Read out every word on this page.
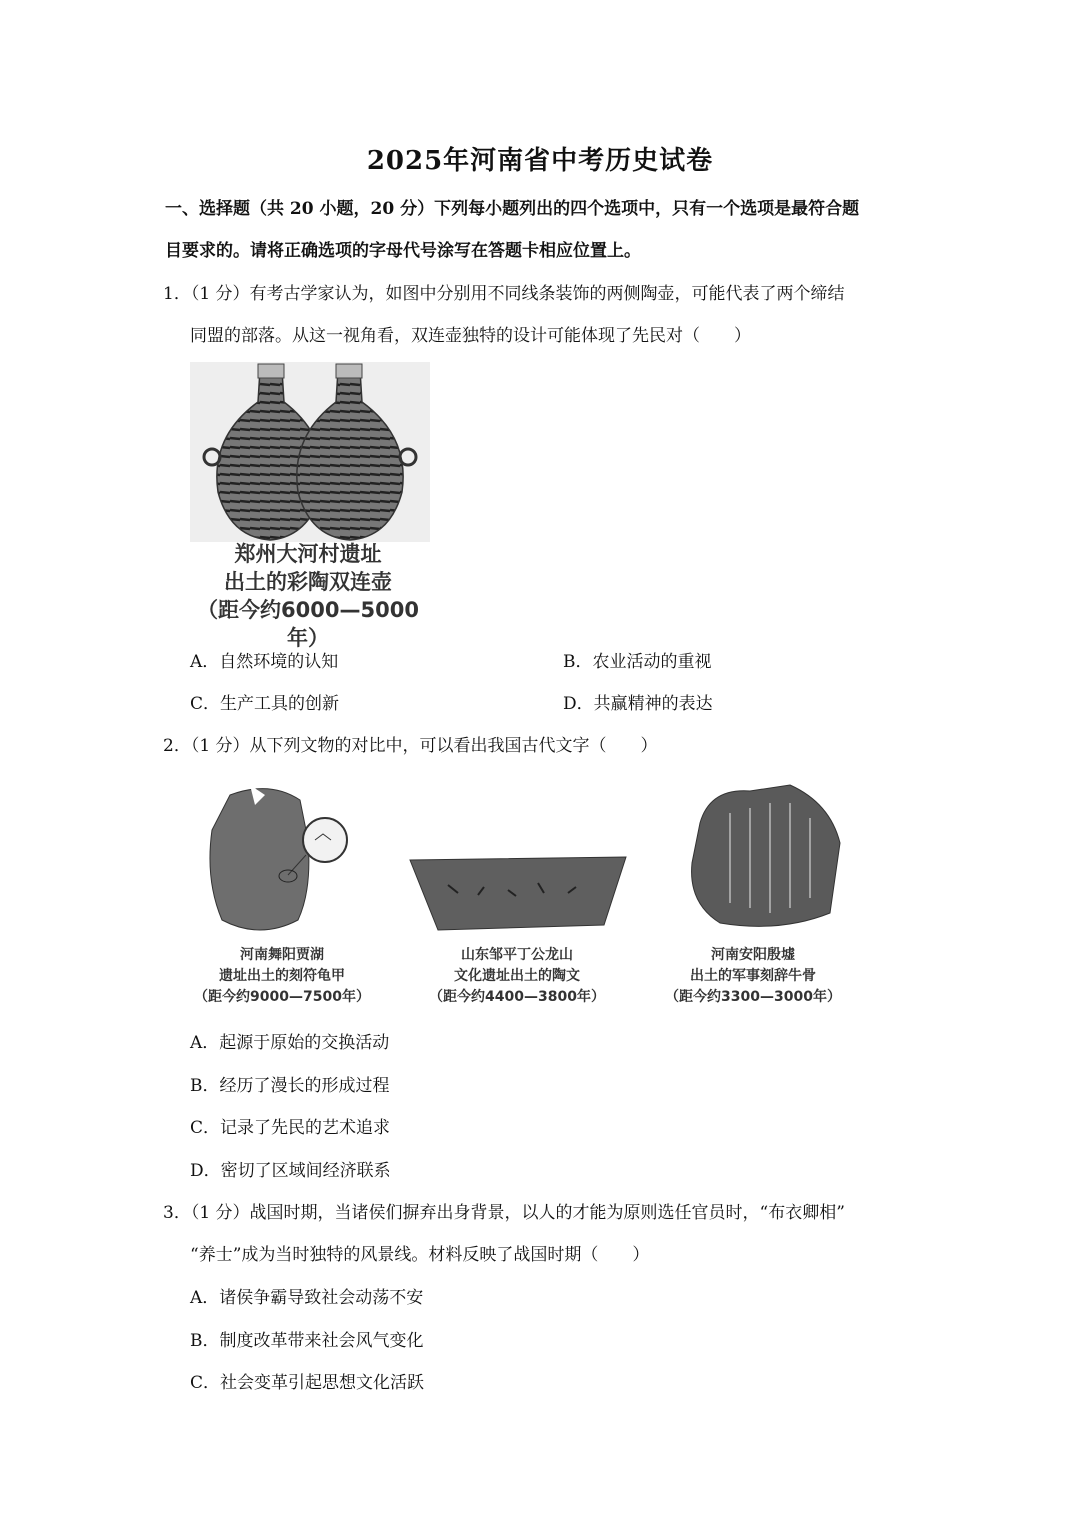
2025年河南省中考历史试卷
一、选择题（共 20 小题，20 分）下列每小题列出的四个选项中，只有一个选项是最符合题
目要求的。请将正确选项的字母代号涂写在答题卡相应位置上。
1．（1 分）有考古学家认为，如图中分别用不同线条装饰的两侧陶壶，可能代表了两个缔结
同盟的部落。从这一视角看，双连壶独特的设计可能体现了先民对（　　）
郑州大河村遗址
出土的彩陶双连壶
（距今约6000—5000年）
A．自然环境的认知	B．农业活动的重视
C．生产工具的创新	D．共赢精神的表达
2．（1 分）从下列文物的对比中，可以看出我国古代文字（　　）
河南舞阳贾湖
遗址出土的刻符龟甲
（距今约9000—7500年）
山东邹平丁公龙山
文化遗址出土的陶文
（距今约4400—3800年）
河南安阳殷墟
出土的军事刻辞牛骨
（距今约3300—3000年）
A．起源于原始的交换活动
B．经历了漫长的形成过程
C．记录了先民的艺术追求
D．密切了区域间经济联系
3．（1 分）战国时期，当诸侯们摒弃出身背景，以人的才能为原则选任官员时，“布衣卿相”
“养士”成为当时独特的风景线。材料反映了战国时期（　　）
A．诸侯争霸导致社会动荡不安
B．制度改革带来社会风气变化
C．社会变革引起思想文化活跃
